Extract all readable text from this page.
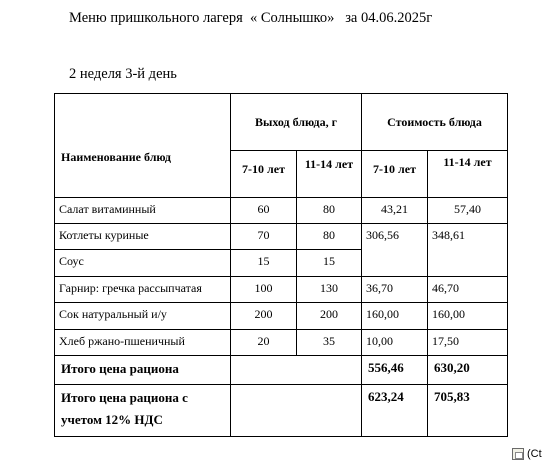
Меню пришкольного лагеря  « Солнышко»   за 04.06.2025г
2 неделя 3-й день
Наименование блюд	Выход блюда, г		Стоимость блюда	
	7-10 лет	11-14 лет	7-10 лет	11-14 лет
Салат витаминный	60	80	43,21	57,40
Котлеты куриные	70	80	306,56	348,61
Соус	15	15		
Гарнир: гречка рассыпчатая	100	130	36,70	46,70
Сок натуральный и/у	200	200	160,00	160,00
Хлеб ржано-пшеничный	20	35	10,00	17,50
Итого цена рациона			556,46	630,20
Итого цена рациона с учетом 12% НДС			623,24	705,83
(Ct
